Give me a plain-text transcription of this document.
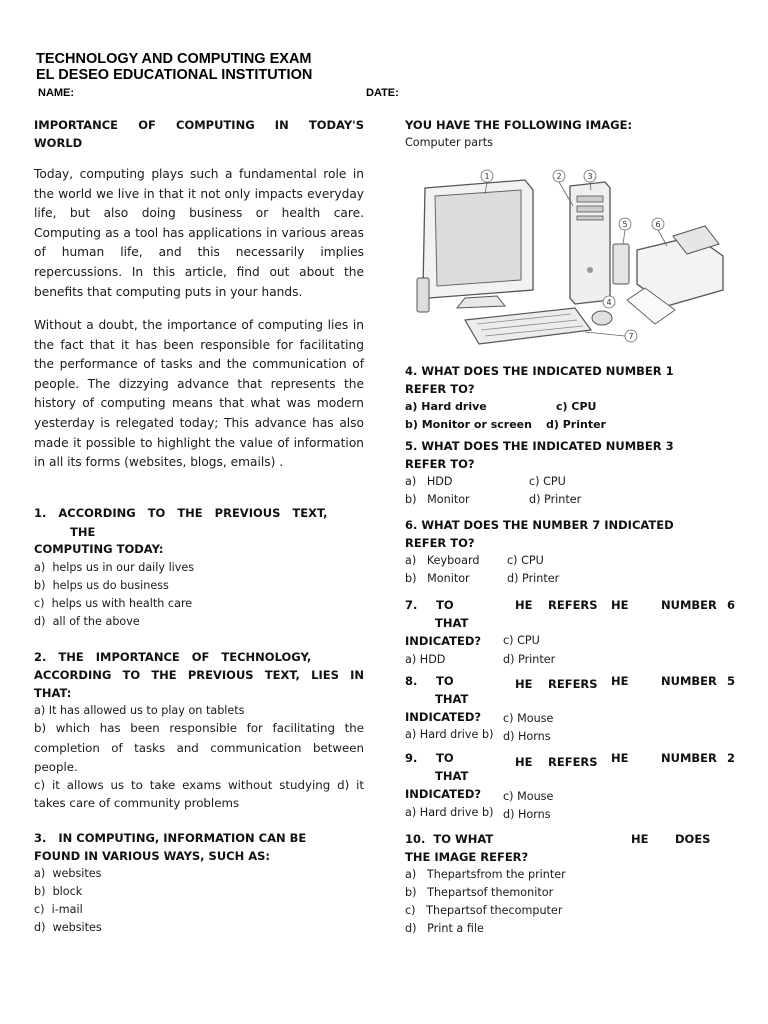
TECHNOLOGY AND COMPUTING EXAM
EL DESEO EDUCATIONAL INSTITUTION
NAME:	DATE:
IMPORTANCE OF COMPUTING IN TODAY'S
WORLD
Today, computing plays such a fundamental role in the world we live in that it not only impacts everyday life, but also doing business or health care. Computing as a tool has applications in various areas of human life, and this necessarily implies repercussions. In this article, find out about the benefits that computing puts in your hands.
Without a doubt, the importance of computing lies in the fact that it has been responsible for facilitating the performance of tasks and the communication of people. The dizzying advance that represents the history of computing means that what was modern yesterday is relegated today; This advance has also made it possible to highlight the value of information in all its forms (websites, blogs, emails) .
1.   ACCORDING   TO   THE   PREVIOUS   TEXT,
THE
COMPUTING TODAY:
a)  helps us in our daily lives
b)  helps us do business
c)  helps us with health care
d)  all of the above
2.   THE   IMPORTANCE   OF   TECHNOLOGY,
ACCORDING TO THE PREVIOUS TEXT, LIES IN
THAT:
a) It has allowed us to play on tablets
b) which has been responsible for facilitating the completion of tasks and communication between people.
c) it allows us to take exams without studying d) it takes care of community problems
3.   IN COMPUTING, INFORMATION CAN BE
FOUND IN VARIOUS WAYS, SUCH AS:
a)  websites
b)  block
c)  i-mail
d)  websites
YOU HAVE THE FOLLOWING IMAGE:
Computer parts
1	2	3
4
5	6
7
4. WHAT DOES THE INDICATED NUMBER 1
REFER TO?
a) Hard drive	c) CPU
b) Monitor or screen d) Printer
5. WHAT DOES THE INDICATED NUMBER 3
REFER TO?
a)   HDD	c) CPU
b)   Monitor	d) Printer
6. WHAT DOES THE NUMBER 7 INDICATED
REFER TO?
a)   Keyboard c) CPU
b)   Monitor	d) Printer
7. TO	HE REFERS HE	NUMBER 6
THAT
INDICATED? c) CPU
a) HDD	d) Printer
8. TO	HE REFERS HE	NUMBER 5
THAT
INDICATED? c) Mouse
a) Hard drive b) d) Horns
9. TO	HE REFERS HE	NUMBER 2
THAT
INDICATED? c) Mouse
a) Hard drive b) d) Horns
10.  TO WHAT	HE DOES
THE IMAGE REFER?
a)   Thepartsfrom the printer
b)   Thepartsof themonitor
c)   Thepartsof thecomputer
d)   Print a file
